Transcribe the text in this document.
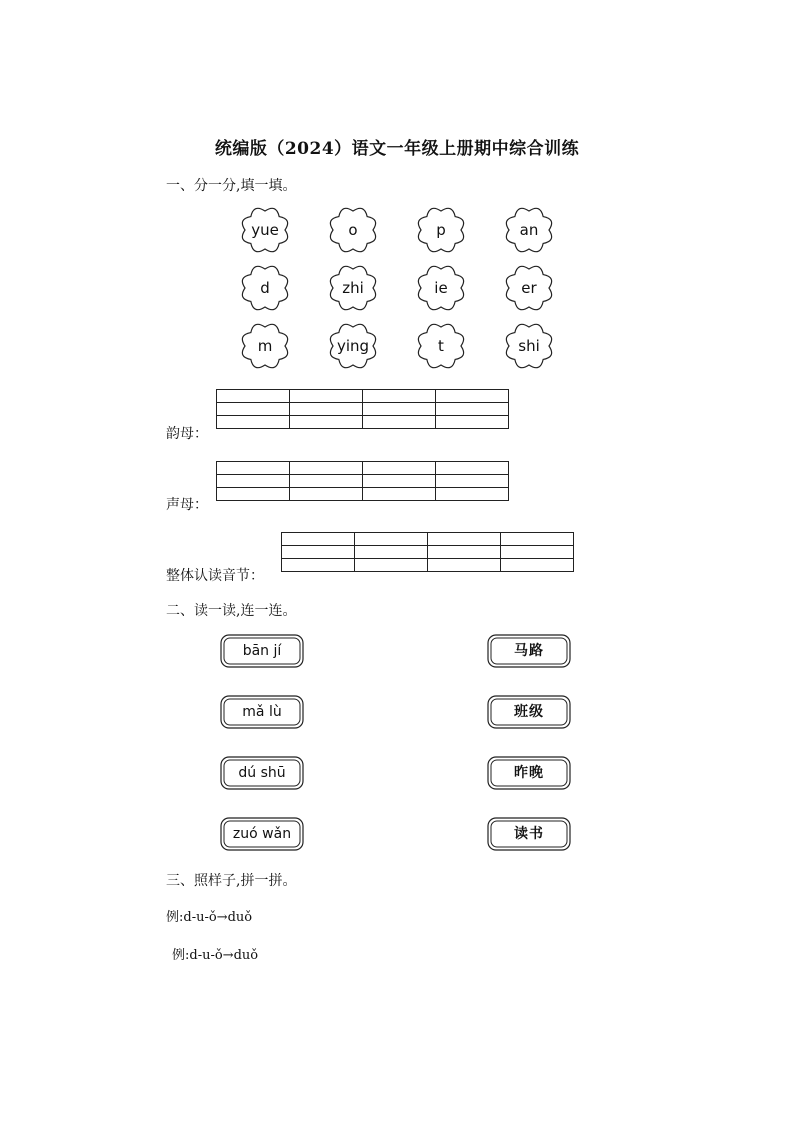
统编版（2024）语文一年级上册期中综合训练
一、分一分,填一填。
yue	o	p	an
d	zhi	ie	er
m	ying	t	shi

韵母：

声母：

整体认读音节：
二、读一读,连一连。
bān jí
mǎ lù
dú shū
zuó wǎn
马路
班级
昨晚
读书
三、照样子,拼一拼。
例:d-u-ǒ→duǒ
例:d-u-ǒ→duǒ
